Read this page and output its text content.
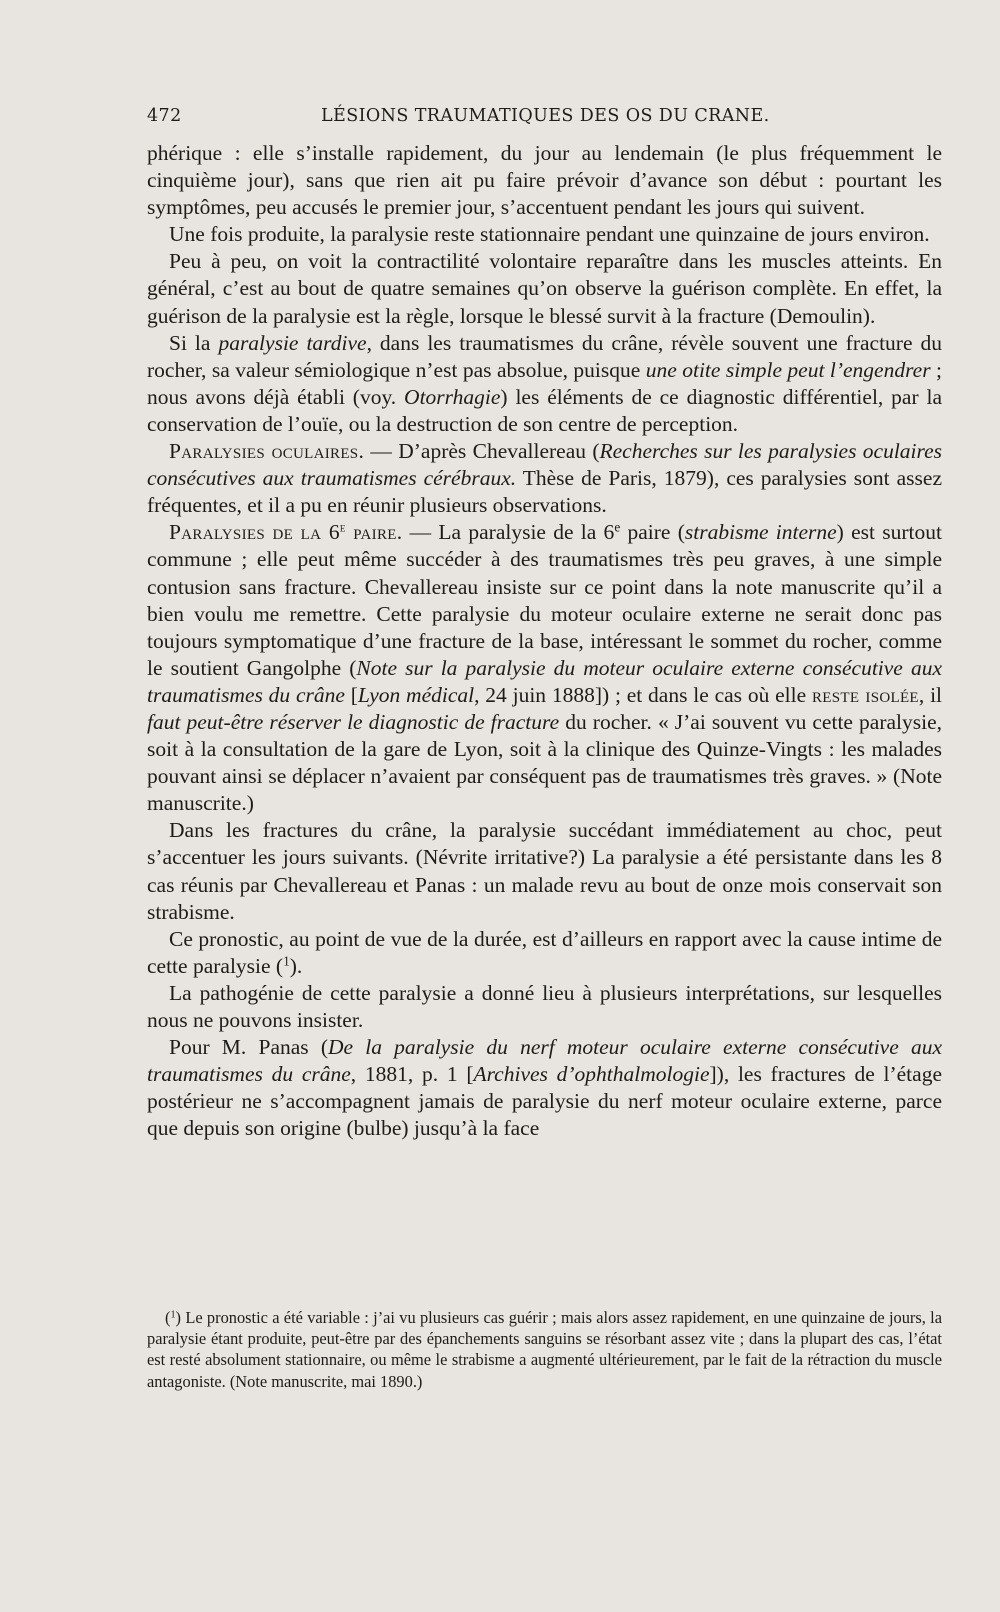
472	LÉSIONS TRAUMATIQUES DES OS DU CRANE.

phérique : elle s’installe rapidement, du jour au lendemain (le plus fréquemment le cinquième jour), sans que rien ait pu faire prévoir d’avance son début : pourtant les symptômes, peu accusés le premier jour, s’accentuent pendant les jours qui suivent.

Une fois produite, la paralysie reste stationnaire pendant une quinzaine de jours environ.

Peu à peu, on voit la contractilité volontaire reparaître dans les muscles atteints. En général, c’est au bout de quatre semaines qu’on observe la guérison complète. En effet, la guérison de la paralysie est la règle, lorsque le blessé survit à la fracture (Demoulin).

Si la paralysie tardive, dans les traumatismes du crâne, révèle souvent une fracture du rocher, sa valeur sémiologique n’est pas absolue, puisque une otite simple peut l’engendrer ; nous avons déjà établi (voy. Otorrhagie) les éléments de ce diagnostic différentiel, par la conservation de l’ouïe, ou la destruction de son centre de perception.

Paralysies oculaires. — D’après Chevallereau (Recherches sur les paralysies oculaires consécutives aux traumatismes cérébraux. Thèse de Paris, 1879), ces paralysies sont assez fréquentes, et il a pu en réunir plusieurs observations.

Paralysies de la 6e paire. — La paralysie de la 6e paire (strabisme interne) est surtout commune ; elle peut même succéder à des traumatismes très peu graves, à une simple contusion sans fracture. Chevallereau insiste sur ce point dans la note manuscrite qu’il a bien voulu me remettre. Cette paralysie du moteur oculaire externe ne serait donc pas toujours symptomatique d’une fracture de la base, intéressant le sommet du rocher, comme le soutient Gangolphe (Note sur la paralysie du moteur oculaire externe consécutive aux traumatismes du crâne [Lyon médical, 24 juin 1888]) ; et dans le cas où elle reste isolée, il faut peut-être réserver le diagnostic de fracture du rocher. « J’ai souvent vu cette paralysie, soit à la consultation de la gare de Lyon, soit à la clinique des Quinze-Vingts : les malades pouvant ainsi se déplacer n’avaient par conséquent pas de traumatismes très graves. » (Note manuscrite.)

Dans les fractures du crâne, la paralysie succédant immédiatement au choc, peut s’accentuer les jours suivants. (Névrite irritative?) La paralysie a été persistante dans les 8 cas réunis par Chevallereau et Panas : un malade revu au bout de onze mois conservait son strabisme.

Ce pronostic, au point de vue de la durée, est d’ailleurs en rapport avec la cause intime de cette paralysie ($^1$).

La pathogénie de cette paralysie a donné lieu à plusieurs interprétations, sur lesquelles nous ne pouvons insister.

Pour M. Panas (De la paralysie du nerf moteur oculaire externe consécutive aux traumatismes du crâne, 1881, p. 1 [Archives d’ophthalmologie]), les fractures de l’étage postérieur ne s’accompagnent jamais de paralysie du nerf moteur oculaire externe, parce que depuis son origine (bulbe) jusqu’à la face

($^1$) Le pronostic a été variable : j’ai vu plusieurs cas guérir ; mais alors assez rapidement, en une quinzaine de jours, la paralysie étant produite, peut-être par des épanchements sanguins se résorbant assez vite ; dans la plupart des cas, l’état est resté absolument stationnaire, ou même le strabisme a augmenté ultérieurement, par le fait de la rétraction du muscle antagoniste. (Note manuscrite, mai 1890.)
